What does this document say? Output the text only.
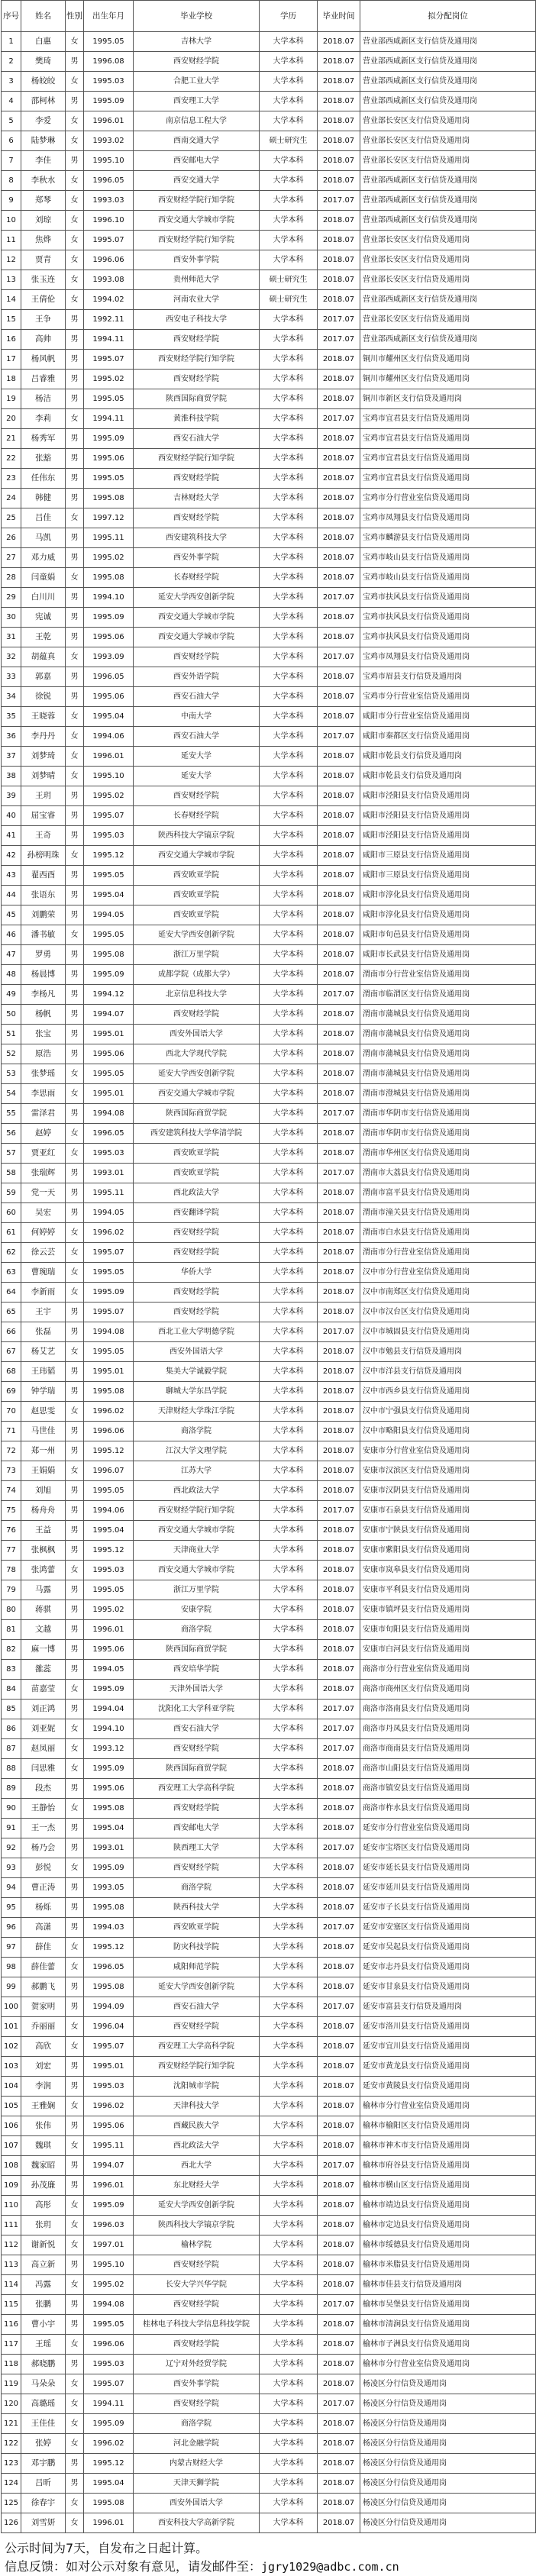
序号	姓名	性别	出生年月	毕业学校	学历	毕业时间	拟分配岗位
1	白惠	女	1995.05	吉林大学	大学本科	2018.07	营业部西咸新区支行信贷及通用岗
2	樊琦	男	1996.08	西安财经学院	大学本科	2018.07	营业部西咸新区支行信贷及通用岗
3	杨皎皎	女	1995.03	合肥工业大学	大学本科	2018.07	营业部西咸新区支行信贷及通用岗
4	邵柯林	男	1995.09	西安理工大学	大学本科	2018.07	营业部西咸新区支行信贷及通用岗
5	李爱	女	1996.01	南京信息工程大学	大学本科	2018.07	营业部长安区支行信贷及通用岗
6	陆梦琳	女	1993.02	西南交通大学	硕士研究生	2018.07	营业部长安区支行信贷及通用岗
7	李佳	男	1995.10	西安邮电大学	大学本科	2018.07	营业部长安区支行信贷及通用岗
8	李秋水	女	1996.05	西安交通大学	大学本科	2018.07	营业部西咸新区支行信贷及通用岗
9	郑琴	女	1993.03	西安财经学院行知学院	大学本科	2017.07	营业部西咸新区支行信贷及通用岗
10	刘琼	女	1996.10	西安交通大学城市学院	大学本科	2018.07	营业部西咸新区支行信贷及通用岗
11	焦烨	女	1995.07	西安财经学院行知学院	大学本科	2018.07	营业部长安区支行信贷及通用岗
12	贾青	女	1996.06	西安外事学院	大学本科	2018.07	营业部长安区支行信贷及通用岗
13	张玉连	女	1993.08	贵州师范大学	硕士研究生	2018.07	营业部长安区支行信贷及通用岗
14	王倩伦	女	1994.02	河南农业大学	硕士研究生	2018.07	营业部西咸新区支行信贷及通用岗
15	王争	男	1992.11	西安电子科技大学	大学本科	2017.07	营业部长安区支行信贷及通用岗
16	高帅	男	1994.11	西安财经学院	大学本科	2017.07	营业部西咸新区支行信贷及通用岗
17	杨风帆	男	1995.07	西安财经学院行知学院	大学本科	2018.07	铜川市耀州区支行信贷及通用岗
18	吕睿雅	男	1995.02	西安财经学院	大学本科	2018.07	铜川市耀州区支行信贷及通用岗
19	杨洁	男	1995.05	陕西国际商贸学院	大学本科	2018.07	铜川市新区支行信贷及通用岗
20	李莉	女	1994.11	黄淮科技学院	大学本科	2017.07	宝鸡市宜君县支行信贷及通用岗
21	杨秀军	男	1995.09	西安石油大学	大学本科	2018.07	宝鸡市宜君县支行信贷及通用岗
22	张豁	男	1995.06	西安财经学院行知学院	大学本科	2018.07	宝鸡市宜君县支行信贷及通用岗
23	任伟东	男	1995.05	西安财经学院	大学本科	2018.07	宝鸡市宜君县支行信贷及通用岗
24	韩健	男	1995.08	吉林财经大学	大学本科	2018.07	宝鸡市分行营业室信贷及通用岗
25	吕佳	女	1997.12	西安财经学院	大学本科	2018.07	宝鸡市凤翔县支行信贷及通用岗
26	马凯	男	1995.11	西安建筑科技大学	大学本科	2018.07	宝鸡市麟游县支行信贷及通用岗
27	邓力威	男	1995.02	西安外事学院	大学本科	2018.07	宝鸡市岐山县支行信贷及通用岗
28	闫童娟	女	1995.08	长春财经学院	大学本科	2018.07	宝鸡市岐山县支行信贷及通用岗
29	白川川	男	1994.10	延安大学西安创新学院	大学本科	2017.07	宝鸡市扶风县支行信贷及通用岗
30	宪诚	男	1995.09	西安交通大学城市学院	大学本科	2018.07	宝鸡市扶风县支行信贷及通用岗
31	王乾	男	1995.06	西安交通大学城市学院	大学本科	2018.07	宝鸡市扶风县支行信贷及通用岗
32	胡蕴真	女	1993.09	西安财经学院	大学本科	2017.07	宝鸡市凤翔县支行信贷及通用岗
33	郭嘉	男	1996.05	西安外语学院	大学本科	2018.07	宝鸡市眉县支行信贷及通用岗
34	徐锐	男	1995.06	西安石油大学	大学本科	2018.07	宝鸡市分行营业室信贷及通用岗
35	王晓蓉	女	1995.04	中南大学	大学本科	2018.07	咸阳市分行营业室信贷及通用岗
36	李丹丹	女	1994.06	西安石油大学	大学本科	2017.07	咸阳市秦都区支行信贷及通用岗
37	刘梦琦	女	1996.01	延安大学	大学本科	2018.07	咸阳市乾县支行信贷及通用岗
38	刘梦晴	女	1995.10	延安大学	大学本科	2018.07	咸阳市乾县支行信贷及通用岗
39	王玥	男	1995.02	西安财经学院	大学本科	2018.07	咸阳市泾阳县支行信贷及通用岗
40	屈宝睿	男	1995.07	长春财经学院	大学本科	2018.07	咸阳市泾阳县支行信贷及通用岗
41	王奇	男	1995.03	陕西科技大学镐京学院	大学本科	2018.07	咸阳市泾阳县支行信贷及通用岗
42	孙榜明珠	女	1995.12	西安交通大学城市学院	大学本科	2018.07	咸阳市三原县支行信贷及通用岗
43	翟西酉	男	1995.05	西安欧亚学院	大学本科	2018.07	咸阳市三原县支行信贷及通用岗
44	张语东	男	1995.04	西安欧亚学院	大学本科	2018.07	咸阳市淳化县支行信贷及通用岗
45	刘鹏荣	男	1994.05	西安欧亚学院	大学本科	2018.07	咸阳市淳化县支行信贷及通用岗
46	潘书敏	女	1995.05	延安大学西安创新学院	大学本科	2018.07	咸阳市旬邑县支行信贷及通用岗
47	罗勇	男	1995.08	浙江万里学院	大学本科	2018.07	咸阳市长武县支行信贷及通用岗
48	杨晨博	男	1995.09	成都学院（成都大学）	大学本科	2018.07	渭南市分行营业室信贷及通用岗
49	李杨凡	男	1994.12	北京信息科技大学	大学本科	2017.07	渭南市临渭区支行信贷及通用岗
50	杨帆	男	1994.07	西安财经学院	大学本科	2018.07	渭南市蒲城县支行信贷及通用岗
51	张宝	男	1995.01	西安外国语大学	大学本科	2018.07	渭南市蒲城县支行信贷及通用岗
52	原浩	男	1995.06	西北大学现代学院	大学本科	2018.07	渭南市蒲城县支行信贷及通用岗
53	张梦瑶	女	1995.05	延安大学西安创新学院	大学本科	2018.07	渭南市蒲城县支行信贷及通用岗
54	李思雨	女	1995.01	西安交通大学城市学院	大学本科	2018.07	渭南市澄城县支行信贷及通用岗
55	雷泽君	男	1994.08	陕西国际商贸学院	大学本科	2017.07	渭南市华阴市支行信贷及通用岗
56	赵婷	女	1996.05	西安建筑科技大学华清学院	大学本科	2018.07	渭南市华阴市支行信贷及通用岗
57	贾亚红	女	1995.03	西安欧亚学院	大学本科	2018.07	渭南市华州区支行信贷及通用岗
58	张瑞辉	男	1993.01	西安欧亚学院	大学本科	2017.07	渭南市大荔县支行信贷及通用岗
59	党一天	男	1995.11	西北政法大学	大学本科	2018.07	渭南市富平县支行信贷及通用岗
60	吴宏	男	1994.05	西安翻译学院	大学本科	2018.07	渭南市潼关县支行信贷及通用岗
61	何婷婷	女	1996.02	西安财经学院	大学本科	2018.07	渭南市白水县支行信贷及通用岗
62	徐云芸	女	1995.07	西安财经学院	大学本科	2018.07	渭南市分行营业室信贷及通用岗
63	曹琬瑞	女	1995.05	华侨大学	大学本科	2018.07	汉中市分行营业室信贷及通用岗
64	李新雨	女	1995.09	西安财经学院	大学本科	2018.07	汉中市南郑区支行信贷及通用岗
65	王宇	男	1995.07	西安财经学院	大学本科	2018.07	汉中市汉台区支行信贷及通用岗
66	张磊	男	1994.08	西北工业大学明德学院	大学本科	2017.07	汉中市城固县支行信贷及通用岗
67	杨艾艺	女	1995.05	西安外国语大学	大学本科	2018.07	汉中市勉县支行信贷及通用岗
68	王玮韬	男	1995.01	集美大学诚毅学院	大学本科	2018.07	汉中市洋县支行信贷及通用岗
69	钟学瑞	男	1995.08	聊城大学东昌学院	大学本科	2018.07	汉中市西乡县支行信贷及通用岗
70	赵思雯	女	1996.02	天津财经大学珠江学院	大学本科	2018.07	汉中市宁强县支行信贷及通用岗
71	马世佳	男	1996.06	商洛学院	大学本科	2018.07	汉中市略阳县支行信贷及通用岗
72	郑一州	男	1995.12	江汉大学文理学院	大学本科	2018.07	安康市分行营业室信贷及通用岗
73	王娟娟	女	1996.07	江苏大学	大学本科	2018.07	安康市汉滨区支行信贷及通用岗
74	刘旭	男	1995.05	西北政法大学	大学本科	2018.07	安康市汉阴县支行信贷及通用岗
75	杨舟舟	男	1994.06	西安财经学院行知学院	大学本科	2017.07	安康市石泉县支行信贷及通用岗
76	王益	男	1995.04	西安交通大学城市学院	大学本科	2018.07	安康市宁陕县支行信贷及通用岗
77	张枫枫	男	1995.12	天津商业大学	大学本科	2018.07	安康市紫阳县支行信贷及通用岗
78	张鸿蕾	女	1995.03	西安交通大学城市学院	大学本科	2018.07	安康市岚皋县支行信贷及通用岗
79	马露	男	1995.05	浙江万里学院	大学本科	2018.07	安康市平利县支行信贷及通用岗
80	蒋骐	男	1995.02	安康学院	大学本科	2018.07	安康市镇坪县支行信贷及通用岗
81	文越	男	1996.01	商洛学院	大学本科	2018.07	安康市旬阳县支行信贷及通用岗
82	麻一博	男	1995.06	陕西国际商贸学院	大学本科	2018.07	安康市白河县支行信贷及通用岗
83	雒蕊	男	1994.05	西安培华学院	大学本科	2018.07	商洛市分行营业室信贷及通用岗
84	苗嘉莹	女	1995.09	天津外国语大学	大学本科	2018.07	商洛市商州区支行信贷及通用岗
85	刘正鸿	男	1994.04	沈阳化工大学科亚学院	大学本科	2017.07	商洛市洛南县支行信贷及通用岗
86	刘亚妮	女	1994.10	西安石油大学	大学本科	2017.07	商洛市丹凤县支行信贷及通用岗
87	赵凤丽	女	1993.12	西安财经学院	大学本科	2017.07	商洛市商南县支行信贷及通用岗
88	闫思雅	女	1995.09	陕西国际商贸学院	大学本科	2018.07	商洛市山阳县支行信贷及通用岗
89	段杰	男	1995.06	西安理工大学高科学院	大学本科	2018.07	商洛市镇安县支行信贷及通用岗
90	王静怡	女	1995.08	西安财经学院	大学本科	2018.07	商洛市柞水县支行信贷及通用岗
91	王一杰	男	1995.04	西安邮电大学	大学本科	2018.07	延安市分行营业室信贷及通用岗
92	杨乃会	男	1993.01	陕西理工大学	大学本科	2017.07	延安市宝塔区支行信贷及通用岗
93	彭悦	女	1995.09	西安财经学院	大学本科	2018.07	延安市延长县支行信贷及通用岗
94	曹正涛	男	1993.05	商洛学院	大学本科	2018.07	延安市延川县支行信贷及通用岗
95	杨烁	男	1995.08	陕西科技大学	大学本科	2018.07	延安市子长县支行信贷及通用岗
96	高潇	男	1994.03	西安欧亚学院	大学本科	2017.07	延安市安塞区支行信贷及通用岗
97	薛佳	女	1995.12	防灾科技学院	大学本科	2018.07	延安市吴起县支行信贷及通用岗
98	薛佳蕾	女	1996.05	咸阳师范学院	大学本科	2018.07	延安市志丹县支行信贷及通用岗
99	郝鹏飞	男	1995.08	延安大学西安创新学院	大学本科	2018.07	延安市甘泉县支行信贷及通用岗
100	贺家明	男	1994.09	西安石油大学	大学本科	2017.07	延安市富县支行信贷及通用岗
101	乔丽丽	女	1996.04	西安财经学院	大学本科	2018.07	延安市洛川县支行信贷及通用岗
102	高欣	女	1995.07	西安理工大学高科学院	大学本科	2018.07	延安市宜川县支行信贷及通用岗
103	刘宏	男	1995.01	西安财经学院行知学院	大学本科	2018.07	延安市黄龙县支行信贷及通用岗
104	李润	男	1995.03	沈阳城市学院	大学本科	2018.07	延安市黄陵县支行信贷及通用岗
105	王雅娴	女	1996.02	天津科技大学	大学本科	2018.07	榆林市分行营业室信贷及通用岗
106	张伟	男	1995.06	西藏民族大学	大学本科	2018.07	榆林市榆阳区支行信贷及通用岗
107	魏琪	女	1995.11	西北政法大学	大学本科	2018.07	榆林市神木市支行信贷及通用岗
108	魏家昭	男	1994.07	西北大学	大学本科	2017.07	榆林市府谷县支行信贷及通用岗
109	孙茂廉	男	1996.01	东北财经大学	大学本科	2018.07	榆林市横山区支行信贷及通用岗
110	高彤	女	1995.09	延安大学西安创新学院	大学本科	2018.07	榆林市靖边县支行信贷及通用岗
111	张玥	女	1996.03	陕西科技大学镐京学院	大学本科	2018.07	榆林市定边县支行信贷及通用岗
112	谢新悦	女	1997.01	榆林学院	大学本科	2018.07	榆林市绥德县支行信贷及通用岗
113	高立新	男	1995.10	西安财经学院	大学本科	2018.07	榆林市米脂县支行信贷及通用岗
114	冯露	女	1995.02	长安大学兴华学院	大学本科	2018.07	榆林市佳县支行信贷及通用岗
115	张鹏	男	1994.08	西安财经学院	大学本科	2017.07	榆林市吴堡县支行信贷及通用岗
116	曹小宇	男	1995.05	桂林电子科技大学信息科技学院	大学本科	2018.07	榆林市清涧县支行信贷及通用岗
117	王瑶	女	1996.06	西安财经学院	大学本科	2018.07	榆林市子洲县支行信贷及通用岗
118	郝晓鹏	男	1995.03	辽宁对外经贸学院	大学本科	2018.07	榆林市分行营业室信贷及通用岗
119	马朵朵	女	1995.07	西安外事学院	大学本科	2018.07	杨凌区分行信贷及通用岗
120	高璐瑶	女	1994.11	西安财经学院	大学本科	2017.07	杨凌区分行信贷及通用岗
121	王佳佳	女	1995.09	商洛学院	大学本科	2018.07	杨凌区分行信贷及通用岗
122	张婷	女	1996.02	河北金融学院	大学本科	2018.07	杨凌区分行信贷及通用岗
123	邓宇鹏	男	1995.12	内蒙古财经大学	大学本科	2018.07	杨凌区分行信贷及通用岗
124	吕昕	男	1995.04	天津天狮学院	大学本科	2018.07	杨凌区分行信贷及通用岗
125	徐春宇	女	1995.08	西安外国语大学	大学本科	2018.07	杨凌区分行信贷及通用岗
126	刘雪妍	女	1996.01	西安科技大学高新学院	大学本科	2018.07	杨凌区分行信贷及通用岗
公示时间为7天，自发布之日起计算。
信息反馈：如对公示对象有意见，请发邮件至：jgry1029@adbc.com.cn
